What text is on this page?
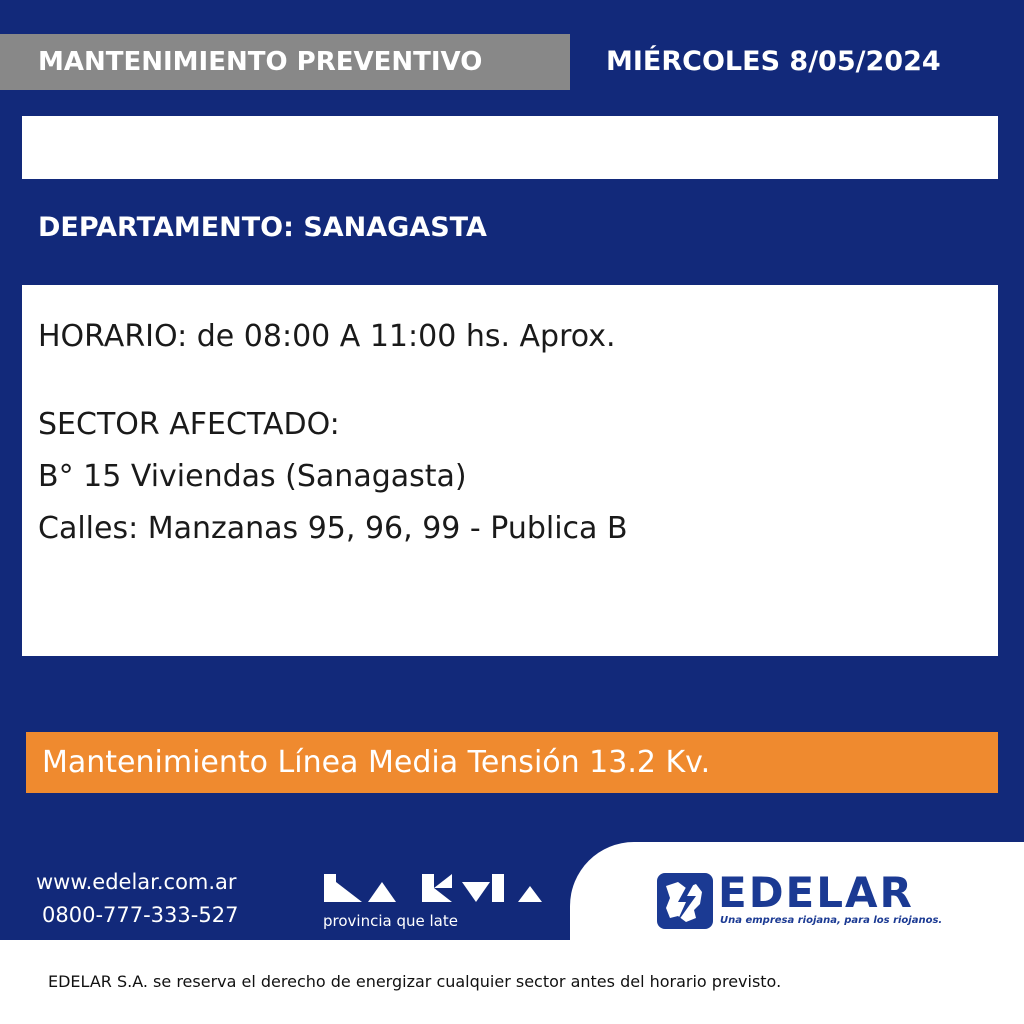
MANTENIMIENTO PREVENTIVO	MIÉRCOLES 8/05/2024
DEPARTAMENTO: SANAGASTA
HORARIO: de 08:00 A 11:00 hs. Aprox.
SECTOR AFECTADO:
B° 15 Viviendas (Sanagasta)
Calles: Manzanas 95, 96, 99 - Publica B
Mantenimiento Línea Media Tensión 13.2 Kv.
www.edelar.com.ar
0800-777-333-527	provincia que late
EDELAR
Una empresa riojana, para los riojanos.
EDELAR S.A. se reserva el derecho de energizar cualquier sector antes del horario previsto.
